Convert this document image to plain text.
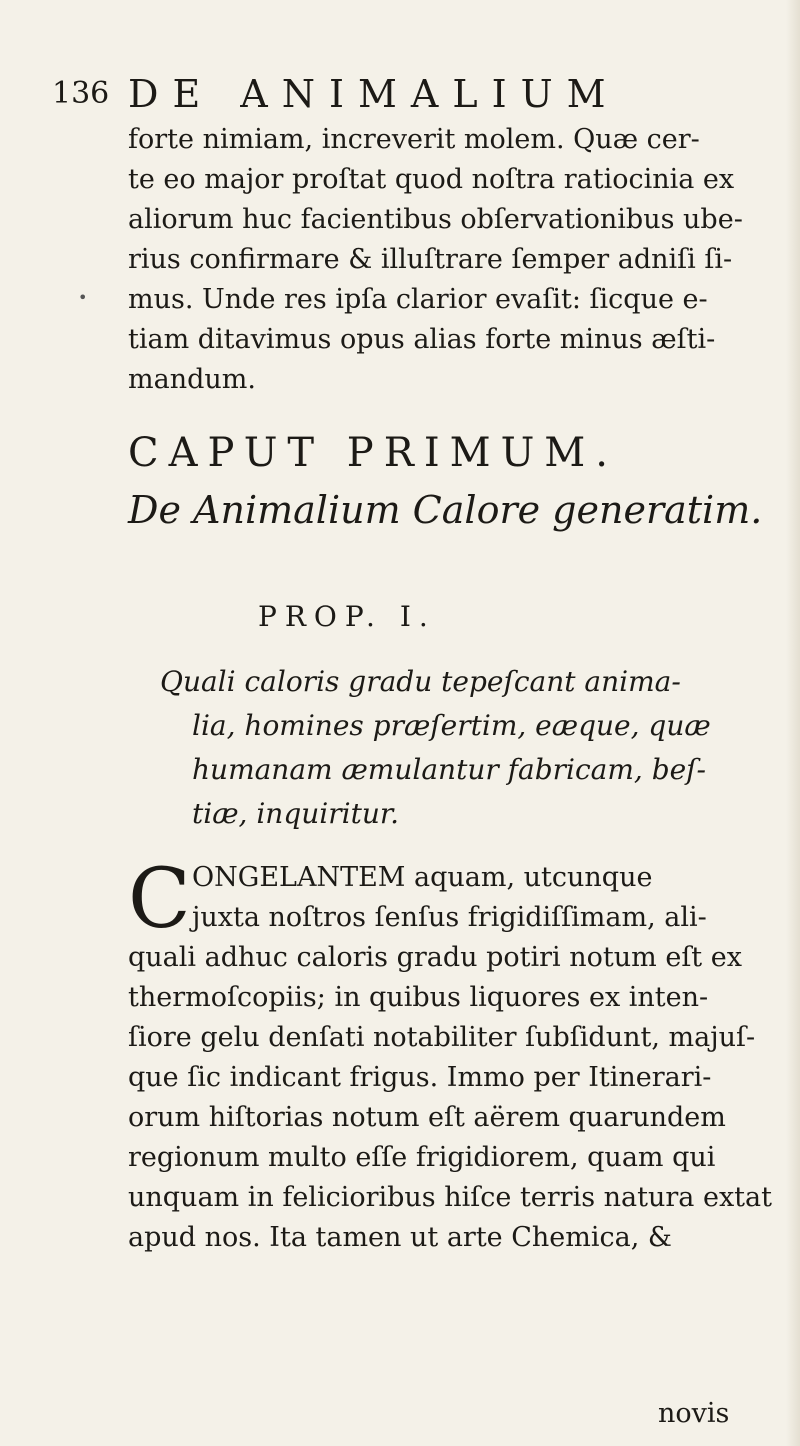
136 DE ANIMALIUM
•

forte nimiam, increverit molem. Quæ cer-
te eo major proſtat quod noſtra ratiocinia ex
aliorum huc facientibus obſervationibus ube-
rius confirmare & illuſtrare ſemper adniſi ſi-
mus. Unde res ipſa clarior evaſit: ſicque e-
tiam ditavimus opus alias forte minus æſti-
mandum.

CAPUT PRIMUM.
De Animalium Calore generatim.
PROP. I.

Quali caloris gradu tepeſcant anima-
lia, homines præſertim, eæque, quæ
humanam æmulantur fabricam, beſ-
tiæ, inquiritur.

C ONGELANTEM aquam, utcunque
juxta noſtros ſenſus frigidiſſimam, ali-
quali adhuc caloris gradu potiri notum eſt ex
thermoſcopiis; in quibus liquores ex inten-
ſiore gelu denſati notabiliter ſubſidunt, majuſ-
que ſic indicant frigus. Immo per Itinerari-
orum hiſtorias notum eſt aërem quarundem
regionum multo eſſe frigidiorem, quam qui
unquam in felicioribus hiſce terris natura extat
apud nos. Ita tamen ut arte Chemica, &

novis
